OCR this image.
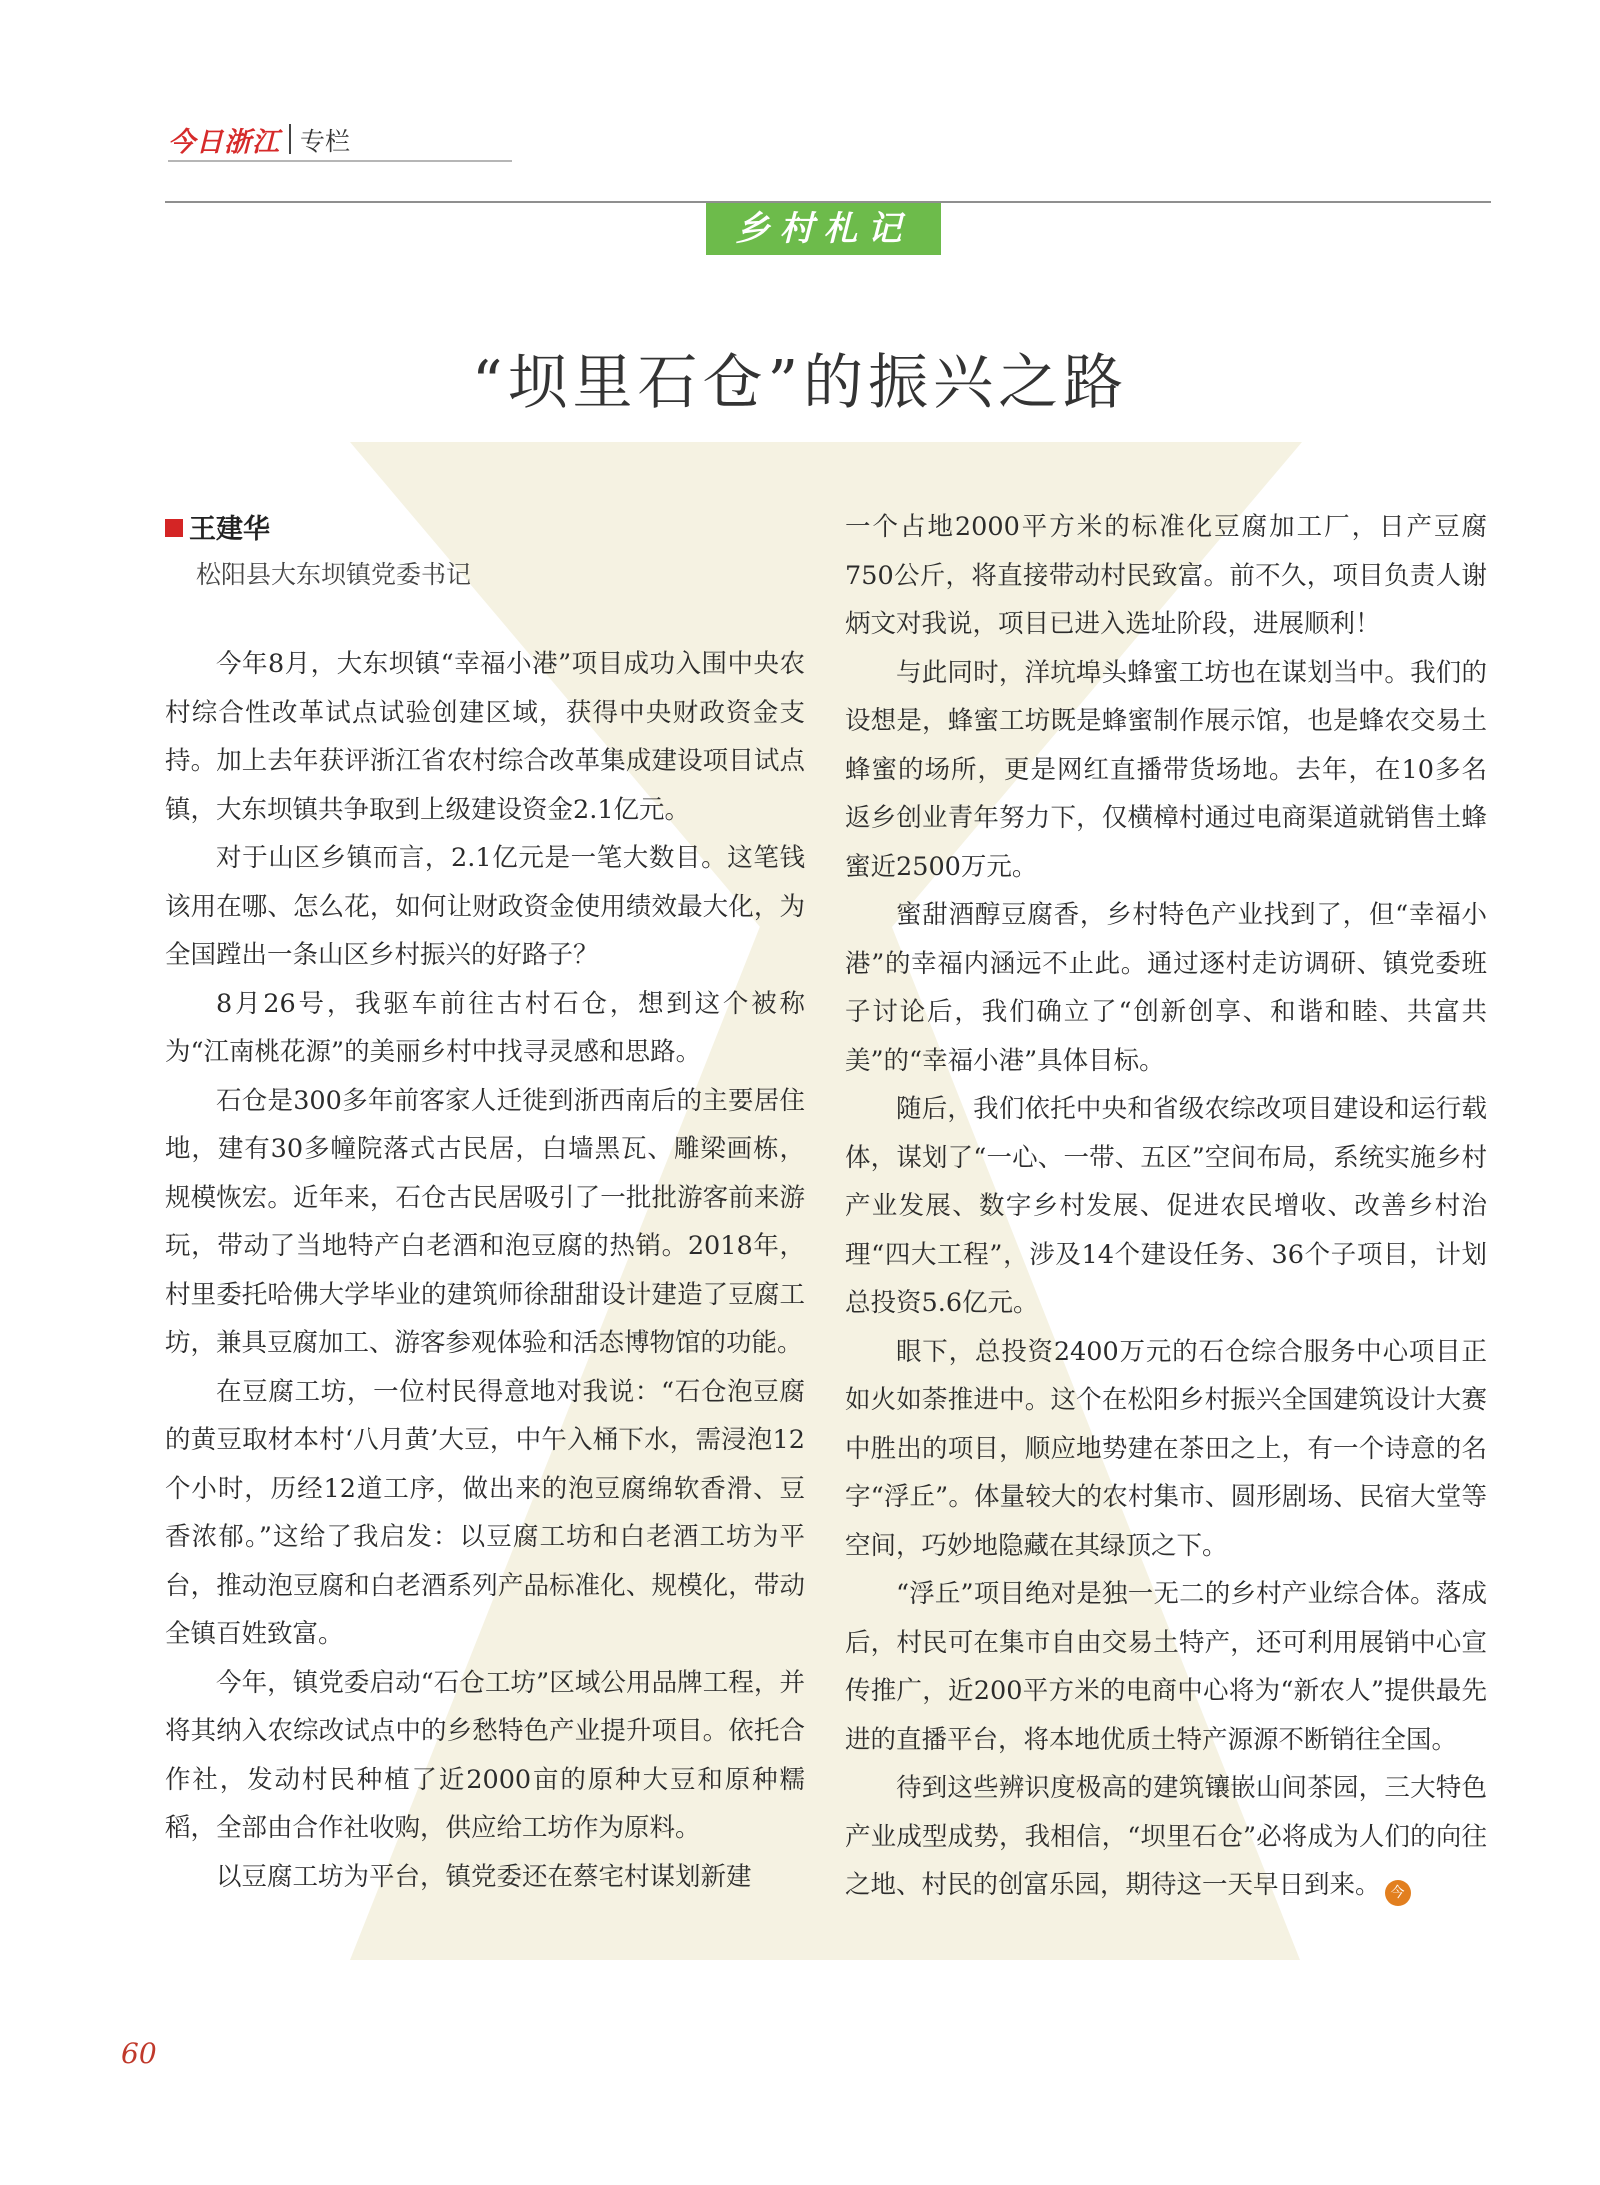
今日浙江 专栏
乡村札记
“坝里石仓”的振兴之路
王建华
松阳县大东坝镇党委书记

今年8月，大东坝镇“幸福小港”项目成功入围中央农村综合性改革试点试验创建区域，获得中央财政资金支持。加上去年获评浙江省农村综合改革集成建设项目试点镇，大东坝镇共争取到上级建设资金2.1亿元。

对于山区乡镇而言，2.1亿元是一笔大数目。这笔钱该用在哪、怎么花，如何让财政资金使用绩效最大化，为全国蹚出一条山区乡村振兴的好路子？

8月26号，我驱车前往古村石仓，想到这个被称为“江南桃花源”的美丽乡村中找寻灵感和思路。

石仓是300多年前客家人迁徙到浙西南后的主要居住地，建有30多幢院落式古民居，白墙黑瓦、雕梁画栋，规模恢宏。近年来，石仓古民居吸引了一批批游客前来游玩，带动了当地特产白老酒和泡豆腐的热销。2018年，村里委托哈佛大学毕业的建筑师徐甜甜设计建造了豆腐工坊，兼具豆腐加工、游客参观体验和活态博物馆的功能。

在豆腐工坊，一位村民得意地对我说：“石仓泡豆腐的黄豆取材本村‘八月黄’大豆，中午入桶下水，需浸泡12个小时，历经12道工序，做出来的泡豆腐绵软香滑、豆香浓郁。”这给了我启发：以豆腐工坊和白老酒工坊为平台，推动泡豆腐和白老酒系列产品标准化、规模化，带动全镇百姓致富。

今年，镇党委启动“石仓工坊”区域公用品牌工程，并将其纳入农综改试点中的乡愁特色产业提升项目。依托合作社，发动村民种植了近2000亩的原种大豆和原种糯稻，全部由合作社收购，供应给工坊作为原料。

以豆腐工坊为平台，镇党委还在蔡宅村谋划新建

一个占地2000平方米的标准化豆腐加工厂，日产豆腐750公斤，将直接带动村民致富。前不久，项目负责人谢炳文对我说，项目已进入选址阶段，进展顺利！

与此同时，洋坑埠头蜂蜜工坊也在谋划当中。我们的设想是，蜂蜜工坊既是蜂蜜制作展示馆，也是蜂农交易土蜂蜜的场所，更是网红直播带货场地。去年，在10多名返乡创业青年努力下，仅横樟村通过电商渠道就销售土蜂蜜近2500万元。

蜜甜酒醇豆腐香，乡村特色产业找到了，但“幸福小港”的幸福内涵远不止此。通过逐村走访调研、镇党委班子讨论后，我们确立了“创新创享、和谐和睦、共富共美”的“幸福小港”具体目标。

随后，我们依托中央和省级农综改项目建设和运行载体，谋划了“一心、一带、五区”空间布局，系统实施乡村产业发展、数字乡村发展、促进农民增收、改善乡村治理“四大工程”，涉及14个建设任务、36个子项目，计划总投资5.6亿元。

眼下，总投资2400万元的石仓综合服务中心项目正如火如荼推进中。这个在松阳乡村振兴全国建筑设计大赛中胜出的项目，顺应地势建在茶田之上，有一个诗意的名字“浮丘”。体量较大的农村集市、圆形剧场、民宿大堂等空间，巧妙地隐藏在其绿顶之下。

“浮丘”项目绝对是独一无二的乡村产业综合体。落成后，村民可在集市自由交易土特产，还可利用展销中心宣传推广，近200平方米的电商中心将为“新农人”提供最先进的直播平台，将本地优质土特产源源不断销往全国。

待到这些辨识度极高的建筑镶嵌山间茶园，三大特色产业成型成势，我相信，“坝里石仓”必将成为人们的向往之地、村民的创富乐园，期待这一天早日到来。 今

60
